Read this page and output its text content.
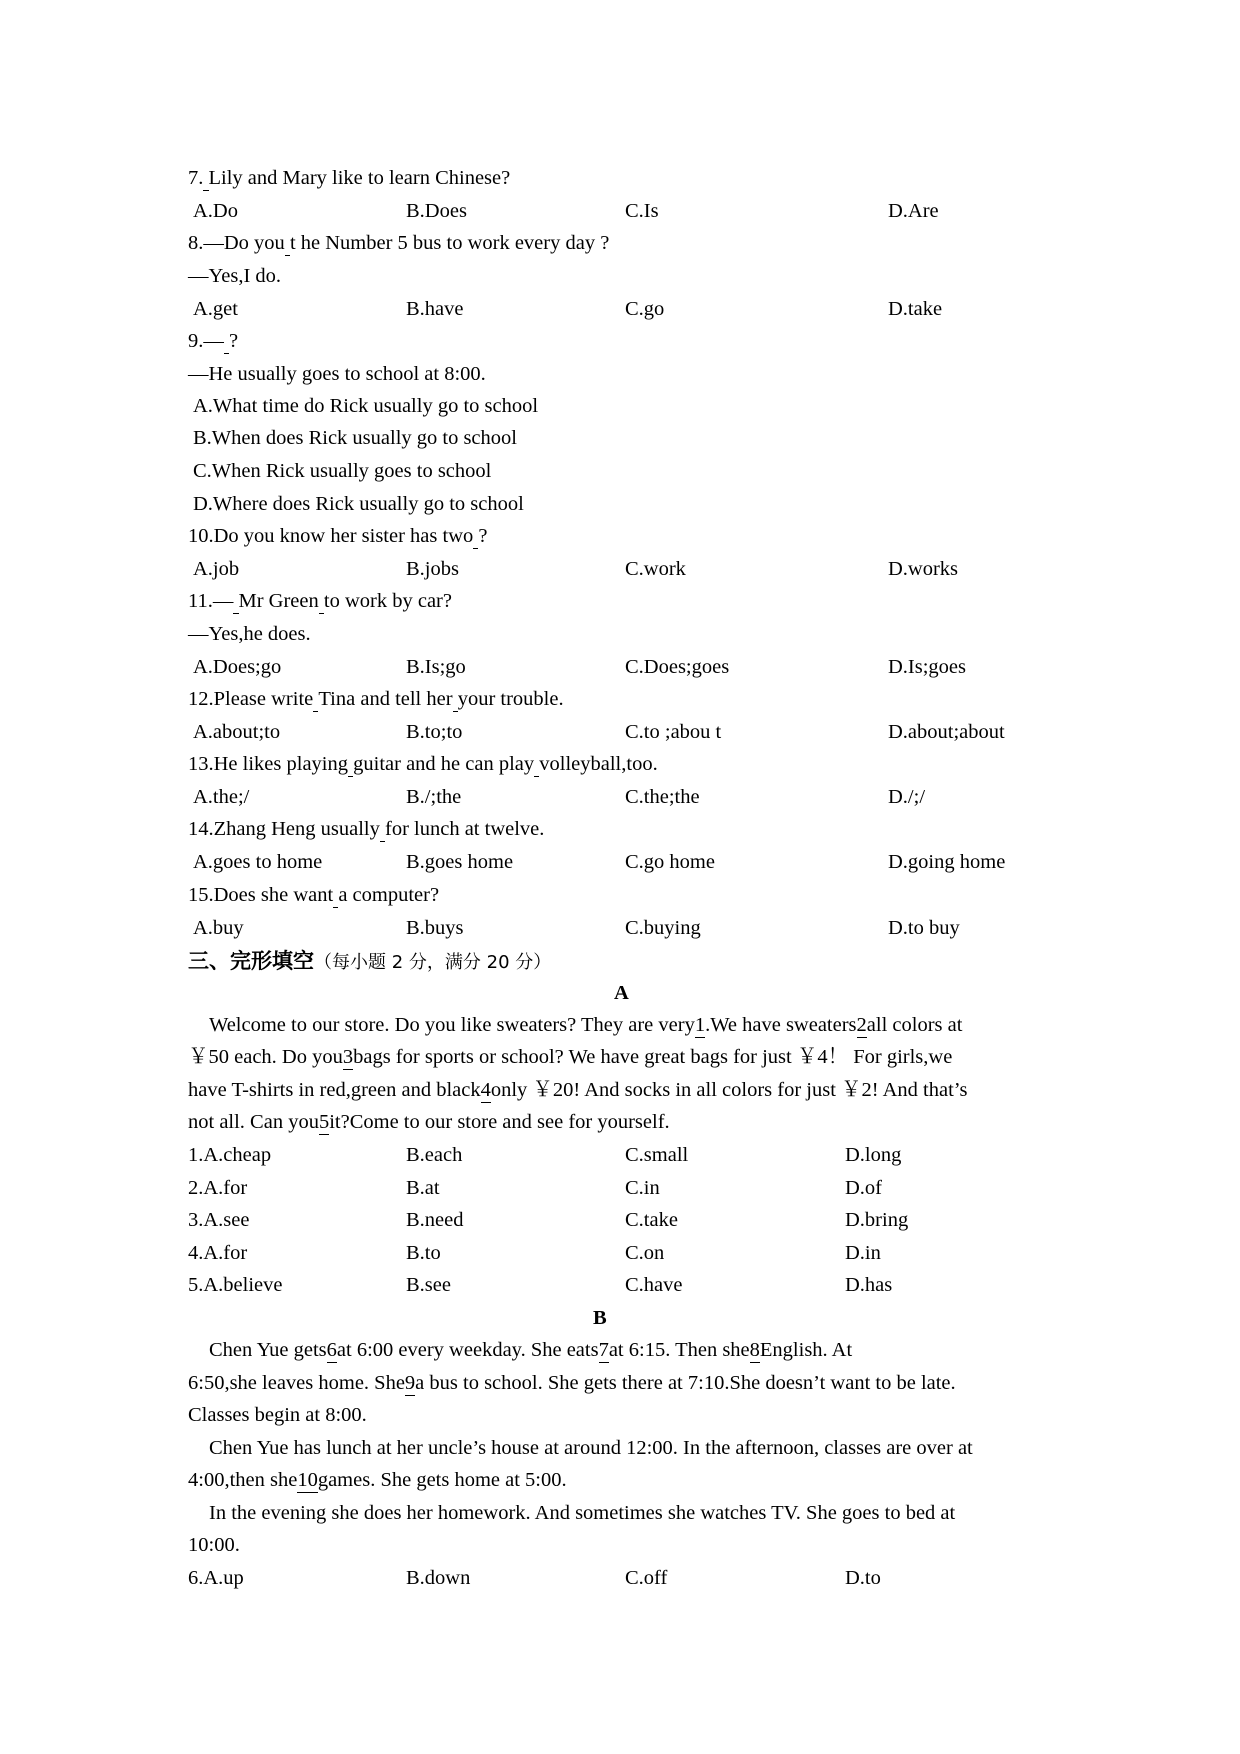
7. Lily and Mary like to learn Chinese?
A.Do	B.Does	C.Is	D.Are
8.—Do you t he Number 5 bus to work every day ?
—Yes,I do.
A.get	B.have	C.go	D.take
9.— ?
—He usually goes to school at 8:00.
A.What time do Rick usually go to school
B.When does Rick usually go to school
C.When Rick usually goes to school
D.Where does Rick usually go to school
10.Do you know her sister has two ?
A.job	B.jobs	C.work	D.works
11.— Mr Green to work by car?
—Yes,he does.
A.Does;go	B.Is;go	C.Does;goes	D.Is;goes
12.Please write Tina and tell her your trouble.
A.about;to	B.to;to	C.to ;abou t	D.about;about
13.He likes playing guitar and he can play volleyball,too.
A.the;/	B./;the	C.the;the	D./;/
14.Zhang Heng usually for lunch at twelve.
A.goes to home	B.goes home	C.go home	D.going home
15.Does she want a computer?
A.buy	B.buys	C.buying	D.to buy
三、完形填空（每小题 2 分，满分 20 分）
A
Welcome to our store. Do you like sweaters? They are very1.We have sweaters2all colors at
￥50 each. Do you3bags for sports or school? We have great bags for just ￥4！ For girls,we
have T-shirts in red,green and black4only ￥20! And socks in all colors for just ￥2! And that’s
not all. Can you5it?Come to our store and see for yourself.
1.A.cheap	B.each	C.small	D.long
2.A.for	B.at	C.in	D.of
3.A.see	B.need	C.take	D.bring
4.A.for	B.to	C.on	D.in
5.A.believe	B.see	C.have	D.has
B
Chen Yue gets6at 6:00 every weekday. She eats7at 6:15. Then she8English. At
6:50,she leaves home. She9a bus to school. She gets there at 7:10.She doesn’t want to be late.
Classes begin at 8:00.
Chen Yue has lunch at her uncle’s house at around 12:00. In the afternoon, classes are over at
4:00,then she10games. She gets home at 5:00.
In the evening she does her homework. And sometimes she watches TV. She goes to bed at
10:00.
6.A.up	B.down	C.off	D.to
